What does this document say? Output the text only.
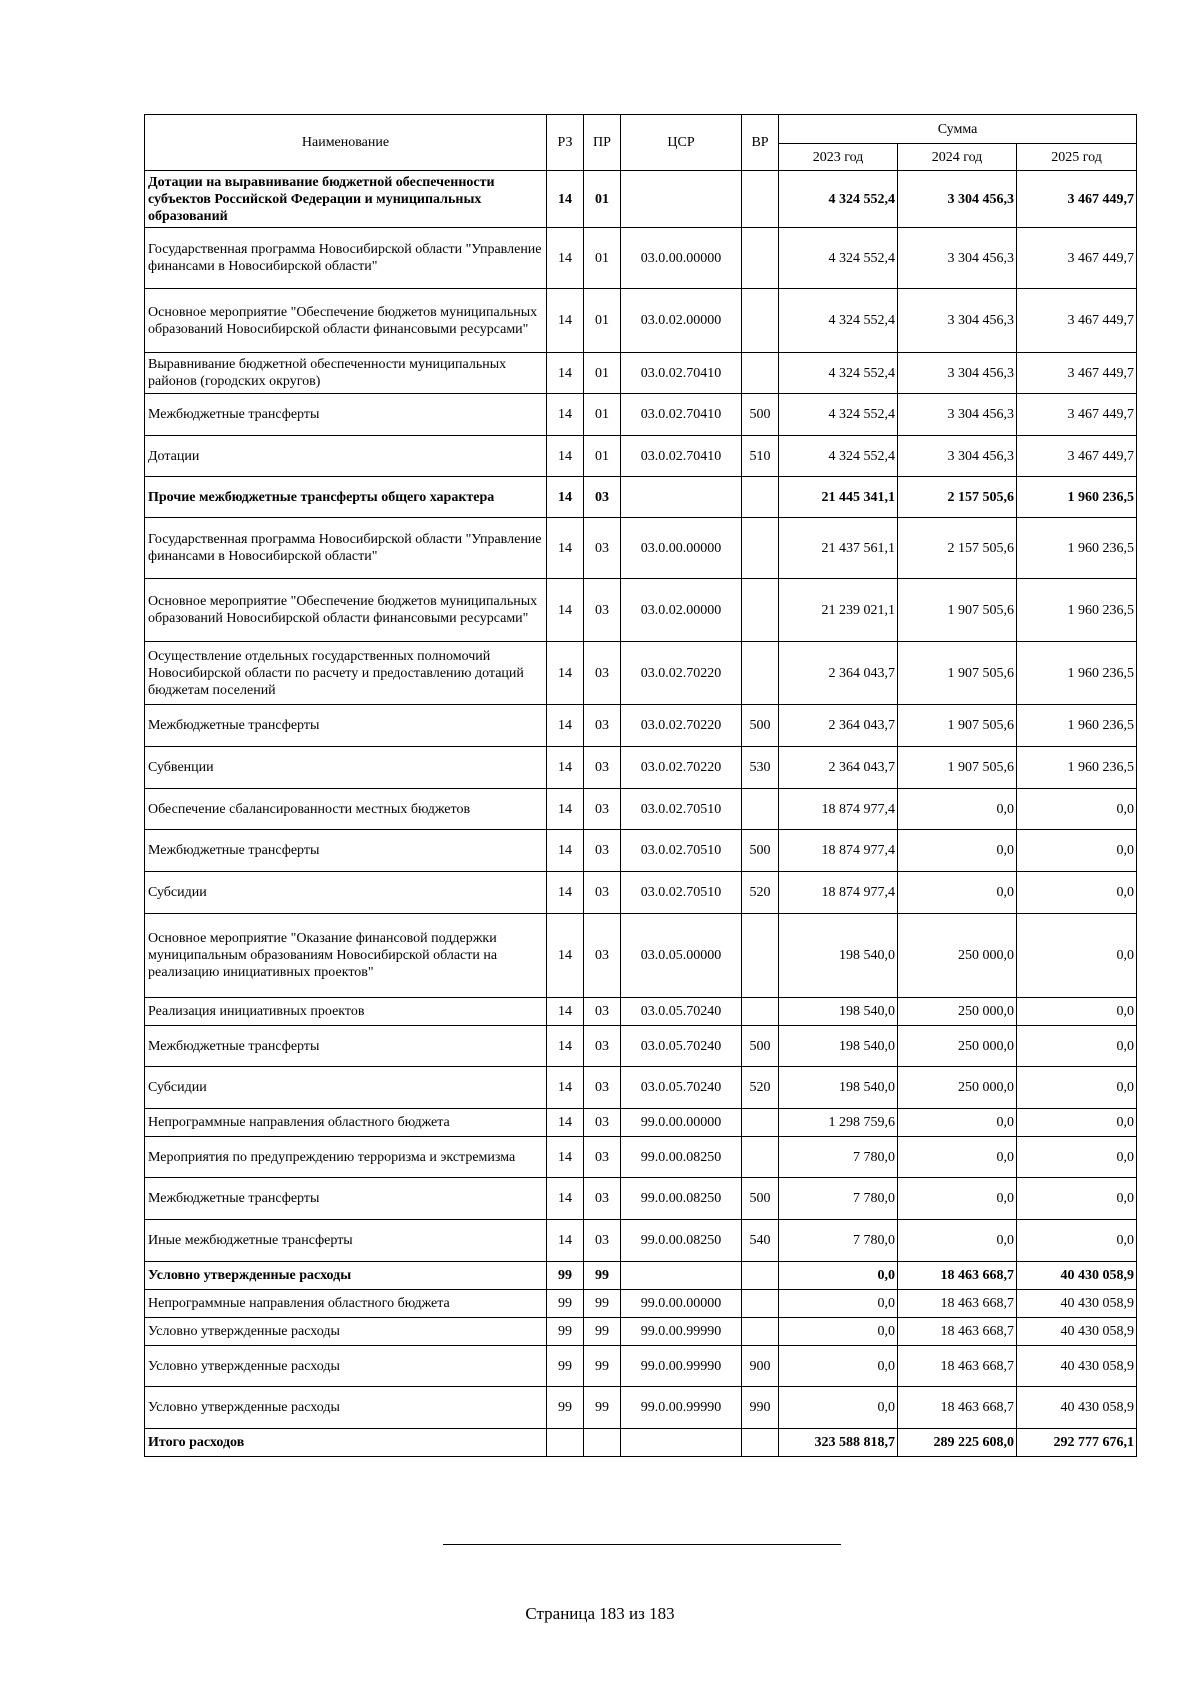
Наименование	РЗ	ПР	ЦСР	ВР	Сумма		
					2023 год	2024 год	2025 год
Дотации на выравнивание бюджетной обеспеченности субъектов Российской Федерации и муниципальных образований	14	01			4 324 552,4	3 304 456,3	3 467 449,7
Государственная программа Новосибирской области "Управление финансами в Новосибирской области"	14	01	03.0.00.00000		4 324 552,4	3 304 456,3	3 467 449,7
Основное мероприятие "Обеспечение бюджетов муниципальных образований Новосибирской области финансовыми ресурсами"	14	01	03.0.02.00000		4 324 552,4	3 304 456,3	3 467 449,7
Выравнивание бюджетной обеспеченности муниципальных районов (городских округов)	14	01	03.0.02.70410		4 324 552,4	3 304 456,3	3 467 449,7
Межбюджетные трансферты	14	01	03.0.02.70410	500	4 324 552,4	3 304 456,3	3 467 449,7
Дотации	14	01	03.0.02.70410	510	4 324 552,4	3 304 456,3	3 467 449,7
Прочие межбюджетные трансферты общего характера	14	03			21 445 341,1	2 157 505,6	1 960 236,5
Государственная программа Новосибирской области "Управление финансами в Новосибирской области"	14	03	03.0.00.00000		21 437 561,1	2 157 505,6	1 960 236,5
Основное мероприятие "Обеспечение бюджетов муниципальных образований Новосибирской области финансовыми ресурсами"	14	03	03.0.02.00000		21 239 021,1	1 907 505,6	1 960 236,5
Осуществление отдельных государственных полномочий Новосибирской области по расчету и предоставлению дотаций бюджетам поселений	14	03	03.0.02.70220		2 364 043,7	1 907 505,6	1 960 236,5
Межбюджетные трансферты	14	03	03.0.02.70220	500	2 364 043,7	1 907 505,6	1 960 236,5
Субвенции	14	03	03.0.02.70220	530	2 364 043,7	1 907 505,6	1 960 236,5
Обеспечение сбалансированности местных бюджетов	14	03	03.0.02.70510		18 874 977,4	0,0	0,0
Межбюджетные трансферты	14	03	03.0.02.70510	500	18 874 977,4	0,0	0,0
Субсидии	14	03	03.0.02.70510	520	18 874 977,4	0,0	0,0
Основное мероприятие "Оказание финансовой поддержки муниципальным образованиям Новосибирской области на реализацию инициативных проектов"	14	03	03.0.05.00000		198 540,0	250 000,0	0,0
Реализация инициативных проектов	14	03	03.0.05.70240		198 540,0	250 000,0	0,0
Межбюджетные трансферты	14	03	03.0.05.70240	500	198 540,0	250 000,0	0,0
Субсидии	14	03	03.0.05.70240	520	198 540,0	250 000,0	0,0
Непрограммные направления областного бюджета	14	03	99.0.00.00000		1 298 759,6	0,0	0,0
Мероприятия по предупреждению терроризма и экстремизма	14	03	99.0.00.08250		7 780,0	0,0	0,0
Межбюджетные трансферты	14	03	99.0.00.08250	500	7 780,0	0,0	0,0
Иные межбюджетные трансферты	14	03	99.0.00.08250	540	7 780,0	0,0	0,0
Условно утвержденные расходы	99	99			0,0	18 463 668,7	40 430 058,9
Непрограммные направления областного бюджета	99	99	99.0.00.00000		0,0	18 463 668,7	40 430 058,9
Условно утвержденные расходы	99	99	99.0.00.99990		0,0	18 463 668,7	40 430 058,9
Условно утвержденные расходы	99	99	99.0.00.99990	900	0,0	18 463 668,7	40 430 058,9
Условно утвержденные расходы	99	99	99.0.00.99990	990	0,0	18 463 668,7	40 430 058,9
Итого расходов					323 588 818,7	289 225 608,0	292 777 676,1
Страница 183 из 183
